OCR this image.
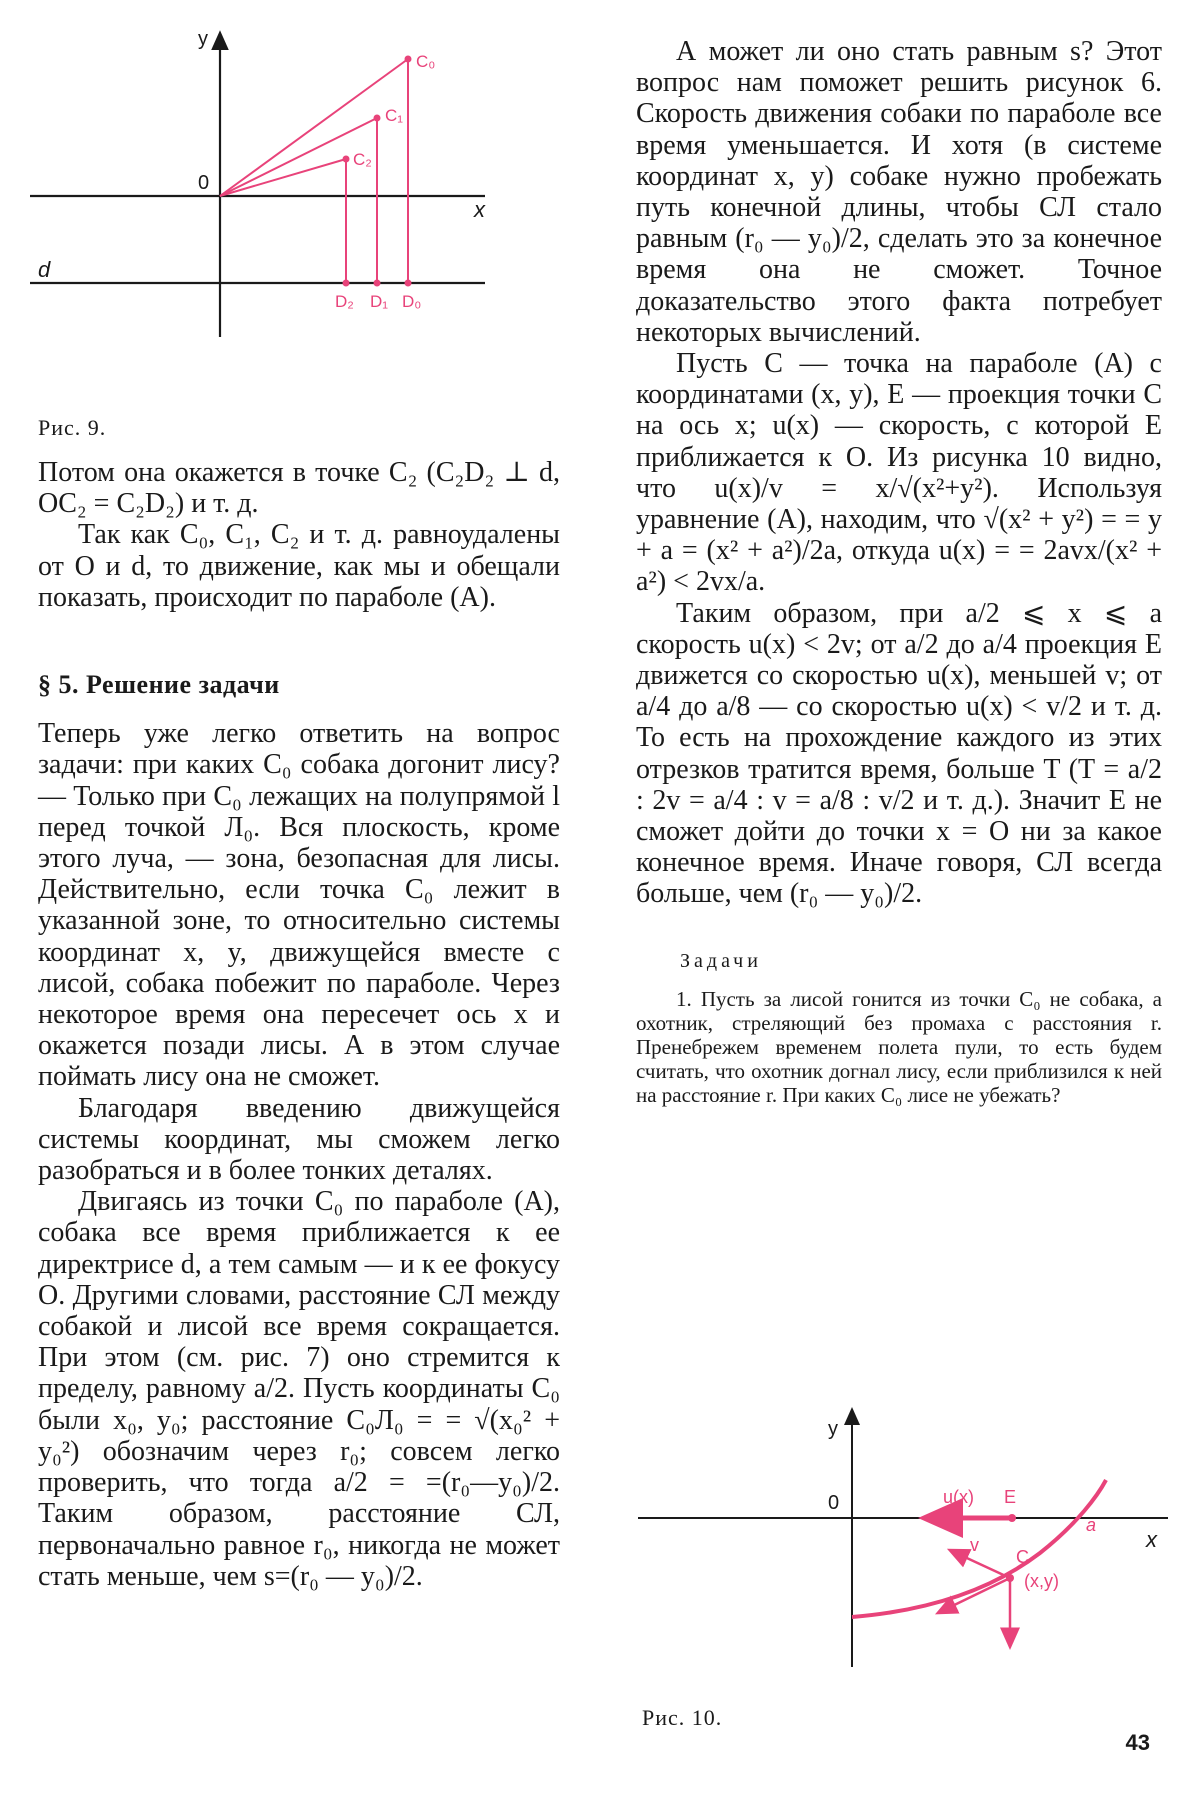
y
x
0
d
C₀
C₁
C₂
D₂ D₁ D₀
Рис. 9.

Потом она окажется в точке C₂ (C₂D₂ ⊥ d, OC₂ = C₂D₂) и т. д.

Так как C₀, C₁, C₂ и т. д. равноудалены от O и d, то движение, как мы и обещали показать, происходит по параболе (А).

§ 5. Решение задачи

Теперь уже легко ответить на вопрос задачи: при каких C₀ собака догонит лису? — Только при C₀ лежащих на полупрямой l перед точкой Л₀. Вся плоскость, кроме этого луча, — зона, безопасная для лисы. Действительно, если точка C₀ лежит в указанной зоне, то относительно системы координат x, y, движущейся вместе с лисой, собака побежит по параболе. Через некоторое время она пересечет ось x и окажется позади лисы. А в этом случае поймать лису она не сможет.

Благодаря введению движущейся системы координат, мы сможем легко разобраться и в более тонких деталях.

Двигаясь из точки C₀ по параболе (А), собака все время приближается к ее директрисе d, а тем самым — и к ее фокусу O. Другими словами, расстояние СЛ между собакой и лисой все время сокращается. При этом (см. рис. 7) оно стремится к пределу, равному a/2. Пусть координаты C₀ были x₀, y₀; расстояние C₀Л₀ = = √(x₀² + y₀²) обозначим через r₀; совсем легко проверить, что тогда a/2 = =(r₀—y₀)/2. Таким образом, расстояние СЛ, первоначально равное r₀, никогда не может стать меньше, чем s=(r₀ — y₀)/2.

А может ли оно стать равным s? Этот вопрос нам поможет решить рисунок 6. Скорость движения собаки по параболе все время уменьшается. И хотя (в системе координат x, y) собаке нужно пробежать путь конечной длины, чтобы СЛ стало равным (r₀ — y₀)/2, сделать это за конечное время она не сможет. Точное доказательство этого факта потребует некоторых вычислений.

Пусть C — точка на параболе (А) с координатами (x, y), E — проекция точки C на ось x; u(x) — скорость, с которой E приближается к O. Из рисунка 10 видно, что u(x)/v = x/√(x²+y²). Используя уравнение (А), находим, что √(x² + y²) = = y + a = (x² + a²)/2a, откуда u(x) = = 2avx/(x² + a²) < 2vx/a.

Таким образом, при a/2 ⩽ x ⩽ a скорость u(x) < 2v; от a/2 до a/4 проекция E движется со скоростью u(x), меньшей v; от a/4 до a/8 — со скоростью u(x) < v/2 и т. д. То есть на прохождение каждого из этих отрезков тратится время, больше T (T = a/2 : 2v = a/4 : v = a/8 : v/2 и т. д.). Значит E не сможет дойти до точки x = O ни за какое конечное время. Иначе говоря, СЛ всегда больше, чем (r₀ — y₀)/2.

Задачи

1. Пусть за лисой гонится из точки C₀ не собака, а охотник, стреляющий без промаха с расстояния r. Пренебрежем временем полета пули, то есть будем считать, что охотник догнал лису, если приблизился к ней на расстояние r. При каких C₀ лисе не убежать?

y
0
x
u(x) E
v
C
(x,y)
a
Рис. 10.
43
